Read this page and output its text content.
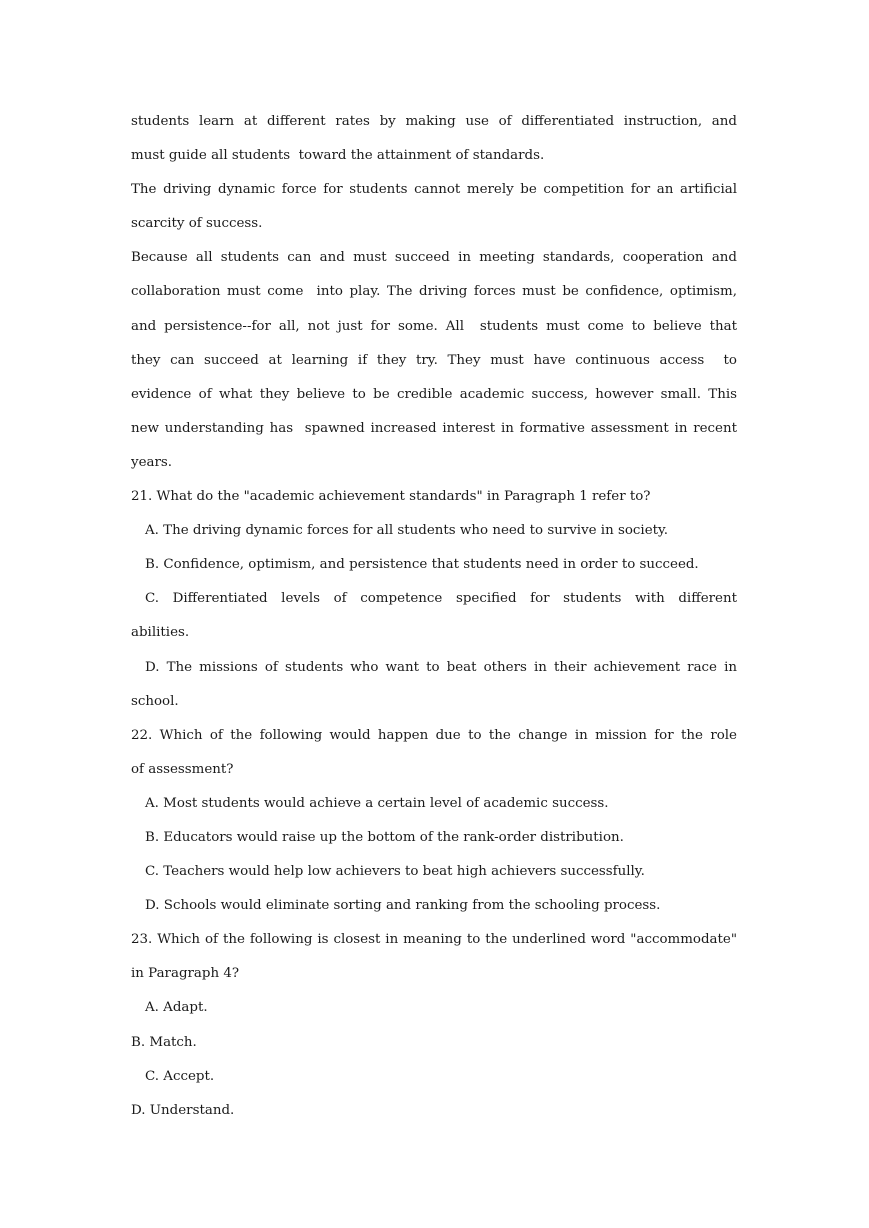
students learn at different rates by making use of differentiated instruction, and
must guide all students  toward the attainment of standards.
The driving dynamic force for students cannot merely be competition for an artificial
scarcity of success.
Because all students can and must succeed in meeting standards, cooperation and
collaboration must come  into play. The driving forces must be confidence, optimism,
and persistence--for all, not just for some. All  students must come to believe that
they can succeed at learning if they try. They must have continuous access  to
evidence of what they believe to be credible academic success, however small. This
new understanding has  spawned increased interest in formative assessment in recent
years.
21. What do the "academic achievement standards" in Paragraph 1 refer to?
A. The driving dynamic forces for all students who need to survive in society.
B. Confidence, optimism, and persistence that students need in order to succeed.
C. Differentiated levels of competence specified for students with different
abilities.
D. The missions of students who want to beat others in their achievement race in
school.
22. Which of the following would happen due to the change in mission for the role
of assessment?
A. Most students would achieve a certain level of academic success.
B. Educators would raise up the bottom of the rank-order distribution.
C. Teachers would help low achievers to beat high achievers successfully.
D. Schools would eliminate sorting and ranking from the schooling process.
23. Which of the following is closest in meaning to the underlined word "accommodate"
in Paragraph 4?
A. Adapt.
B. Match.
C. Accept.
D. Understand.
